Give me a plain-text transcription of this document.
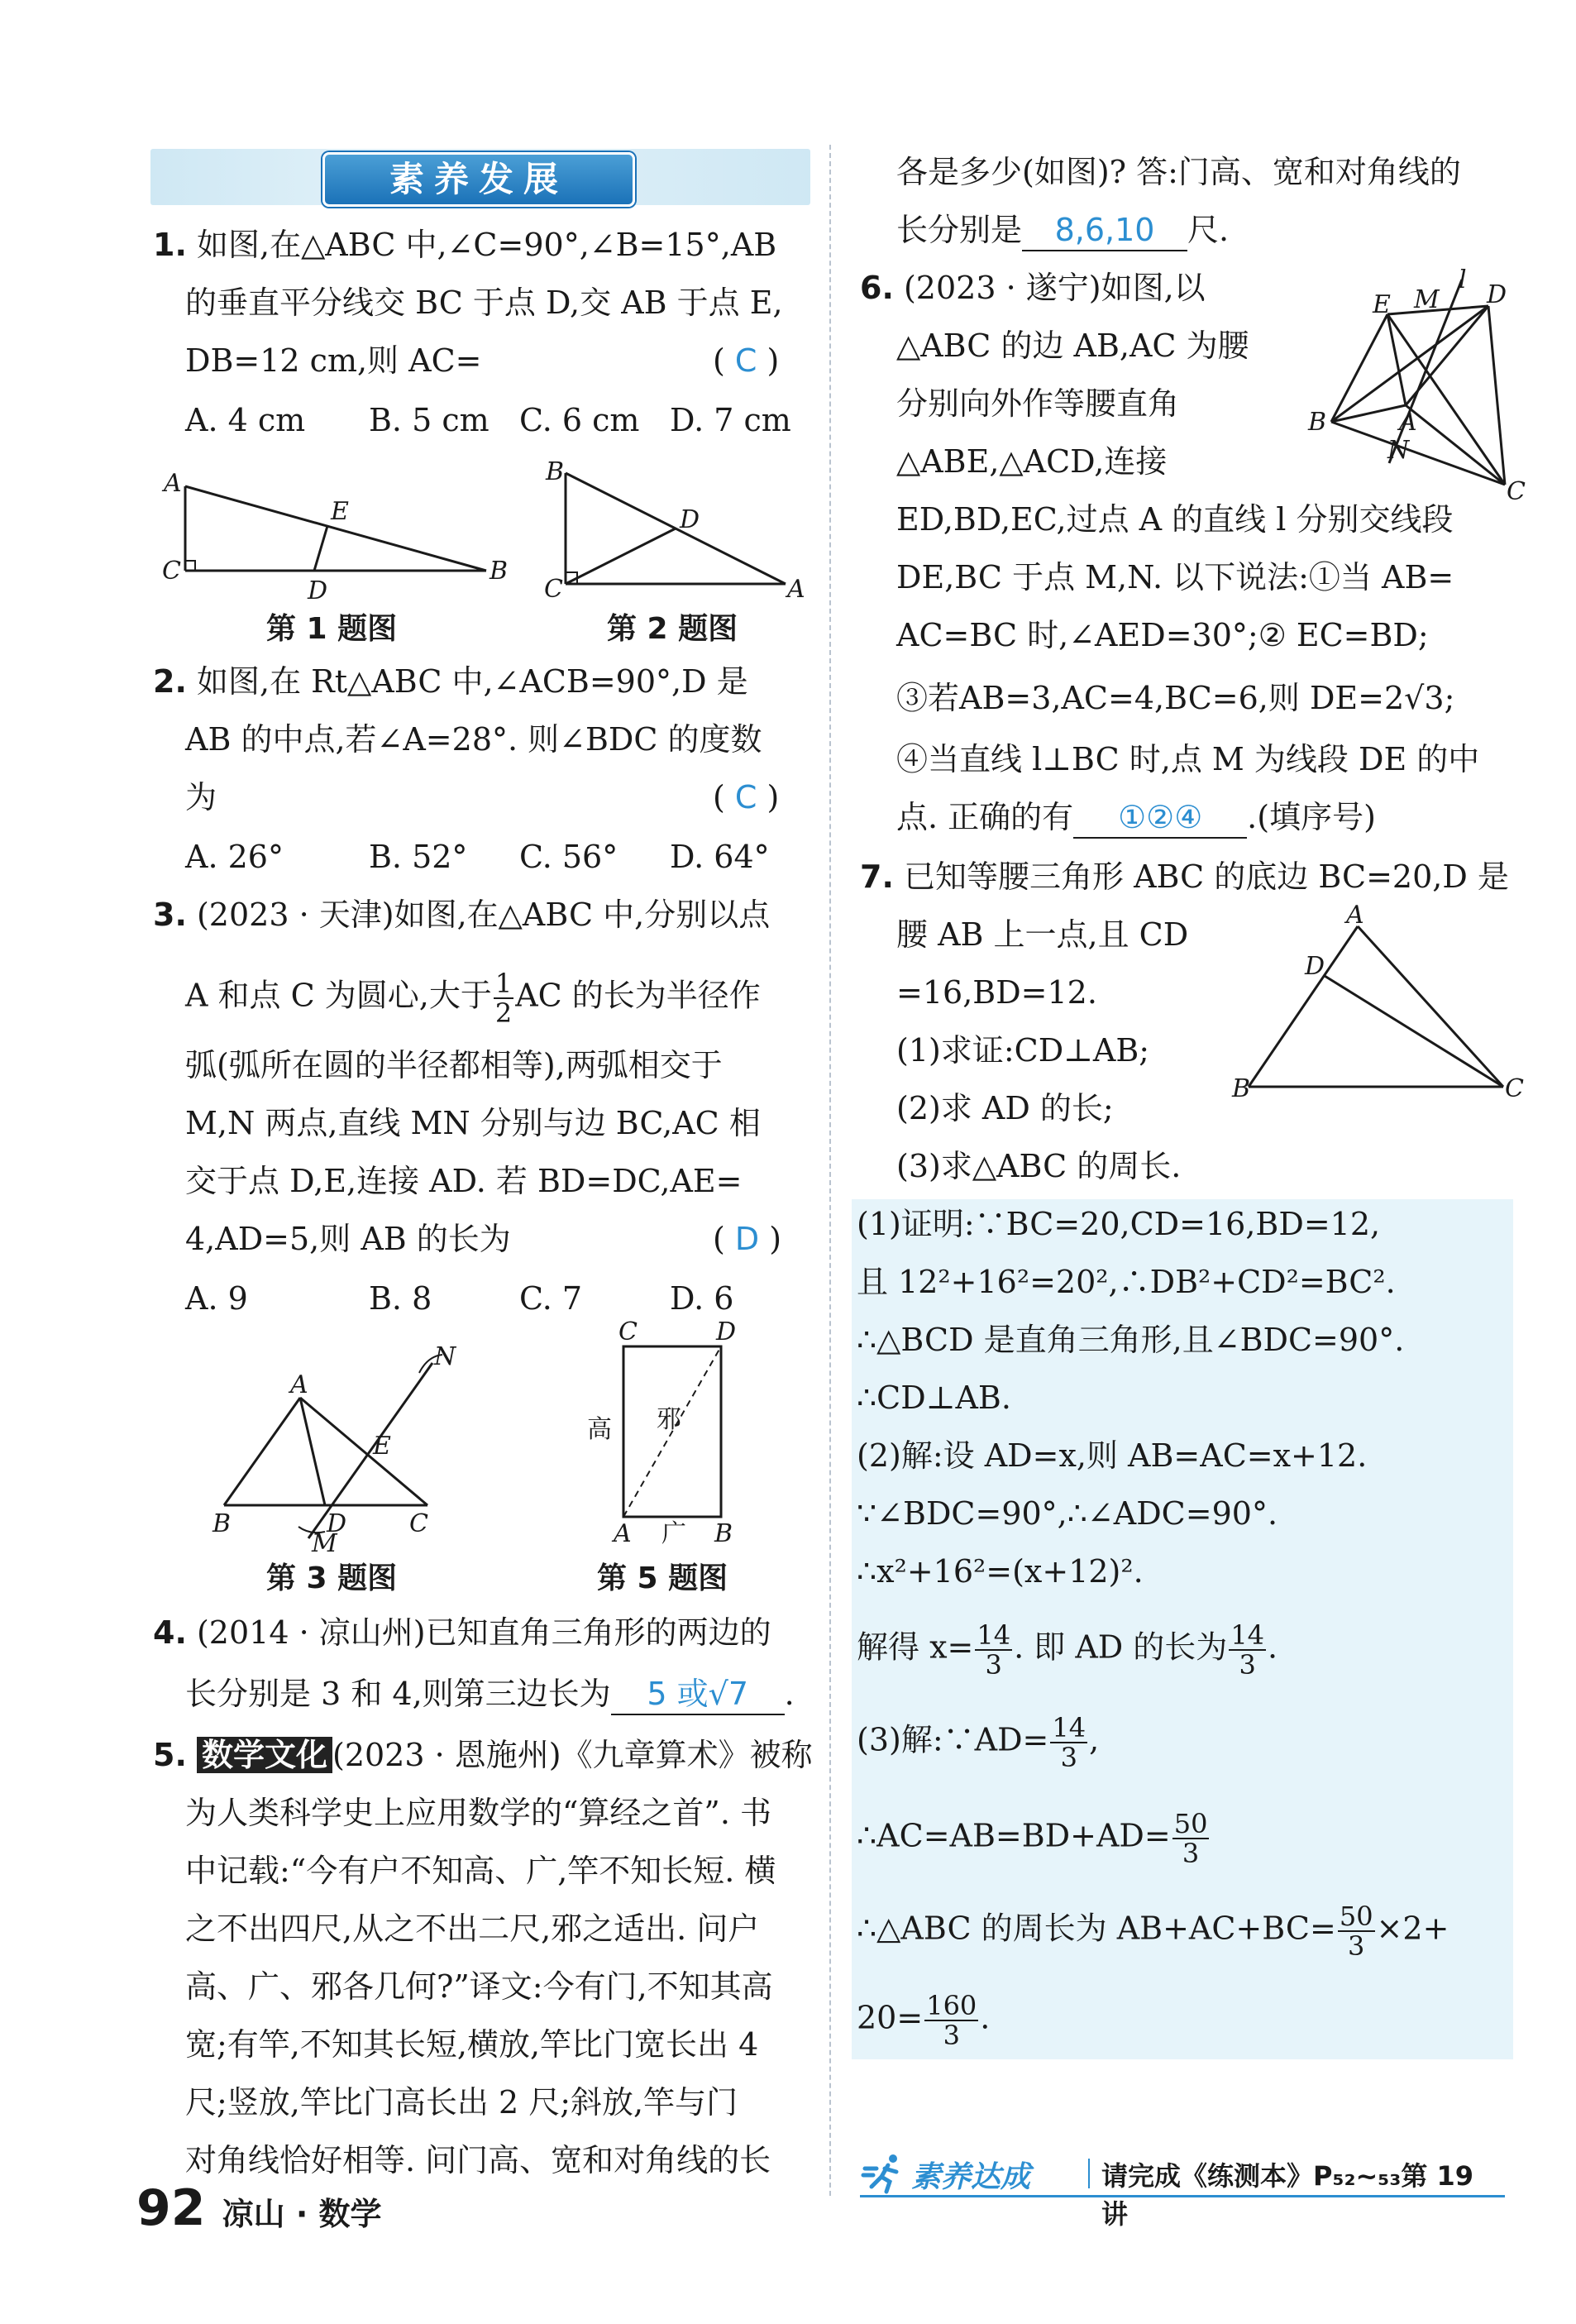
素养发展
1. 如图,在△ABC 中,∠C=90°,∠B=15°,AB
的垂直平分线交 BC 于点 D,交 AB 于点 E,
DB=12 cm,则 AC=	( C )
A. 4 cm B. 5 cm C. 6 cm D. 7 cm
A
C	B
E
D
第 1 题图
B
D
C	A
第 2 题图
2. 如图,在 Rt△ABC 中,∠ACB=90°,D 是
AB 的中点,若∠A=28°. 则∠BDC 的度数
为	( C )
A. 26°	B. 52° C. 56° D. 64°
3. (2023 · 天津)如图,在△ABC 中,分别以点
A 和点 C 为圆心,大于 $\frac{1}{2}$ AC 的长为半径作
弧(弧所在圆的半径都相等),两弧相交于
M,N 两点,直线 MN 分别与边 BC,AC 相
交于点 D,E,连接 AD. 若 BD=DC,AE=
4,AD=5,则 AB 的长为	( D )
A. 9	B. 8	C. 7	D. 6
A
B	D	C
E
N
M
第 3 题图
C	D
A	B
高 邪
广
第 5 题图
4. (2014 · 凉山州)已知直角三角形的两边的
长分别是 3 和 4,则第三边长为 5 或√7 .
5. 数学文化 (2023 · 恩施州)《九章算术》被称
为人类科学史上应用数学的“算经之首”. 书
中记载:“今有户不知高、广,竿不知长短. 横
之不出四尺,从之不出二尺,邪之适出. 问户
高、广、邪各几何?”译文:今有门,不知其高
宽;有竿,不知其长短,横放,竿比门宽长出 4
尺;竖放,竿比门高长出 2 尺;斜放,竿与门
对角线恰好相等. 问门高、宽和对角线的长
各是多少(如图)? 答:门高、宽和对角线的
长分别是 8,6,10 尺.
6. (2023 · 遂宁)如图,以
△ABC 的边 AB,AC 为腰
分别向外作等腰直角
△ABE,△ACD,连接
ED,BD,EC,过点 A 的直线 l 分别交线段
DE,BC 于点 M,N. 以下说法:①当 AB=
AC=BC 时,∠AED=30°;② EC=BD;
③若AB=3,AC=4,BC=6,则 DE=2√3;
④当直线 l⊥BC 时,点 M 为线段 DE 的中
点. 正确的有 ①②④ .(填序号)
E M
l
D
B	A
N
C
7. 已知等腰三角形 ABC 的底边 BC=20,D 是
腰 AB 上一点,且 CD
=16,BD=12.
(1)求证:CD⊥AB;
(2)求 AD 的长;
(3)求△ABC 的周长.
A
D
B	C
(1)证明:∵BC=20,CD=16,BD=12,
且 12²+16²=20²,∴DB²+CD²=BC².
∴△BCD 是直角三角形,且∠BDC=90°.
∴CD⊥AB.
(2)解:设 AD=x,则 AB=AC=x+12.
∵∠BDC=90°,∴∠ADC=90°.
∴x²+16²=(x+12)².
解得 $x= \frac{14}{3}$ . 即 AD 的长为 $\frac{14}{3}$ .
(3)解:∵AD= $\frac{14}{3}$ ,
∴AC=AB=BD+AD= $\frac{50}{3}$
∴△ABC 的周长为 $AB+AC+BC= \frac{50}{3} \times 2+$
$20= \frac{160}{3}$ .
92 凉山 · 数学
素养达成	请完成《练测本》P₅₂~₅₃第 19 讲
